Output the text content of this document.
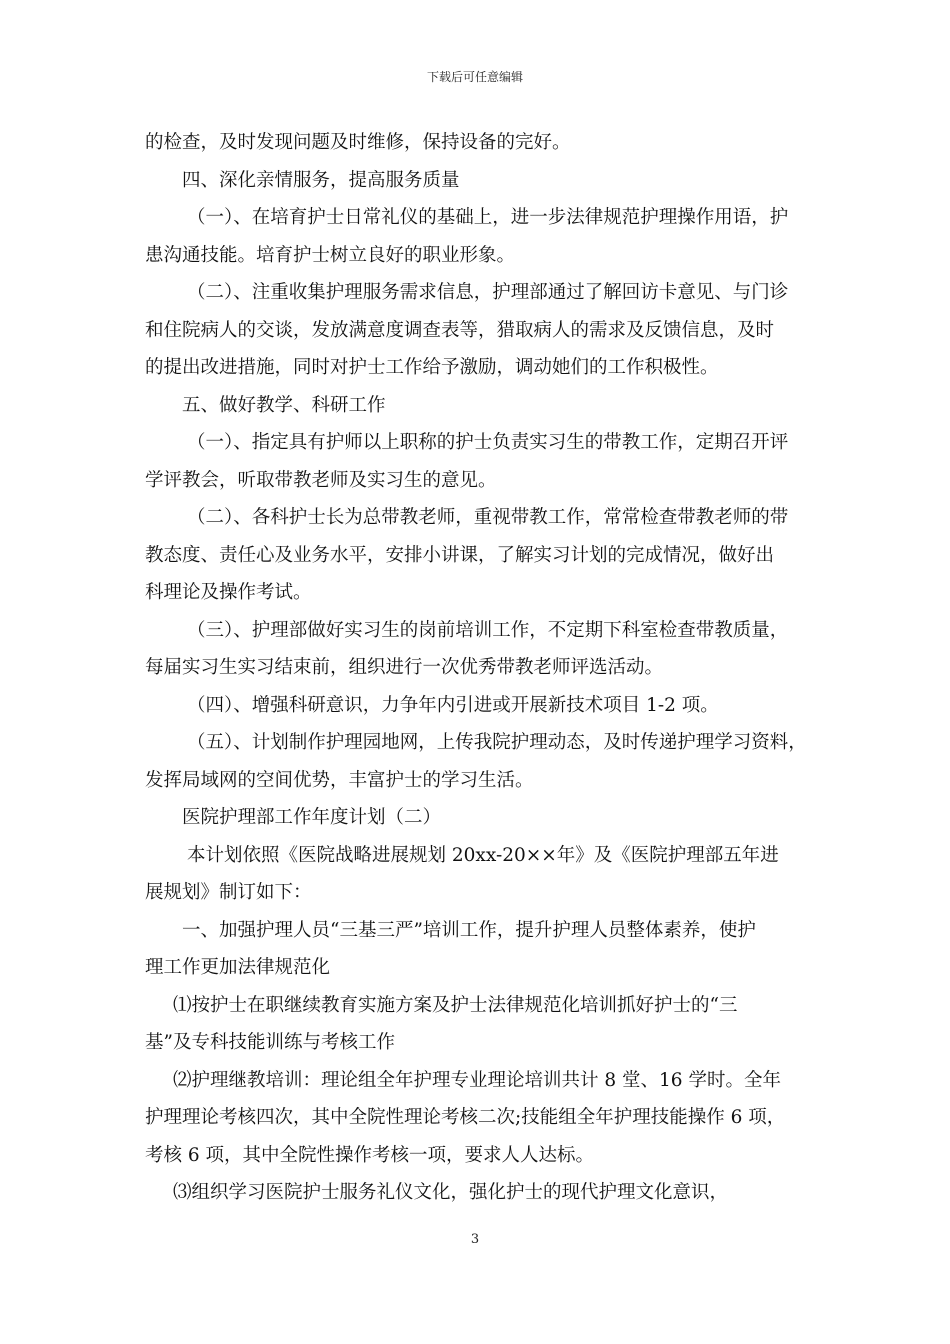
下载后可任意编辑
的检查，及时发现问题及时维修，保持设备的完好。
四、深化亲情服务，提高服务质量
（一）、在培育护士日常礼仪的基础上，进一步法律规范护理操作用语，护
患沟通技能。培育护士树立良好的职业形象。
（二）、注重收集护理服务需求信息，护理部通过了解回访卡意见、与门诊
和住院病人的交谈，发放满意度调查表等，猎取病人的需求及反馈信息，及时
的提出改进措施，同时对护士工作给予激励，调动她们的工作积极性。
五、做好教学、科研工作
（一）、指定具有护师以上职称的护士负责实习生的带教工作，定期召开评
学评教会，听取带教老师及实习生的意见。
（二）、各科护士长为总带教老师，重视带教工作，常常检查带教老师的带
教态度、责任心及业务水平，安排小讲课，了解实习计划的完成情况，做好出
科理论及操作考试。
（三）、护理部做好实习生的岗前培训工作，不定期下科室检查带教质量，
每届实习生实习结束前，组织进行一次优秀带教老师评选活动。
（四）、增强科研意识，力争年内引进或开展新技术项目 1-2 项。
（五）、计划制作护理园地网，上传我院护理动态，及时传递护理学习资料，
发挥局域网的空间优势，丰富护士的学习生活。
医院护理部工作年度计划（二）
本计划依照《医院战略进展规划 20xx-20××年》及《医院护理部五年进
展规划》制订如下：
一、加强护理人员“三基三严”培训工作，提升护理人员整体素养，使护
理工作更加法律规范化
⑴按护士在职继续教育实施方案及护士法律规范化培训抓好护士的“三
基”及专科技能训练与考核工作
⑵护理继教培训：理论组全年护理专业理论培训共计 8 堂、16 学时。全年
护理理论考核四次，其中全院性理论考核二次;技能组全年护理技能操作 6 项，
考核 6 项，其中全院性操作考核一项，要求人人达标。
⑶组织学习医院护士服务礼仪文化，强化护士的现代护理文化意识，
3
